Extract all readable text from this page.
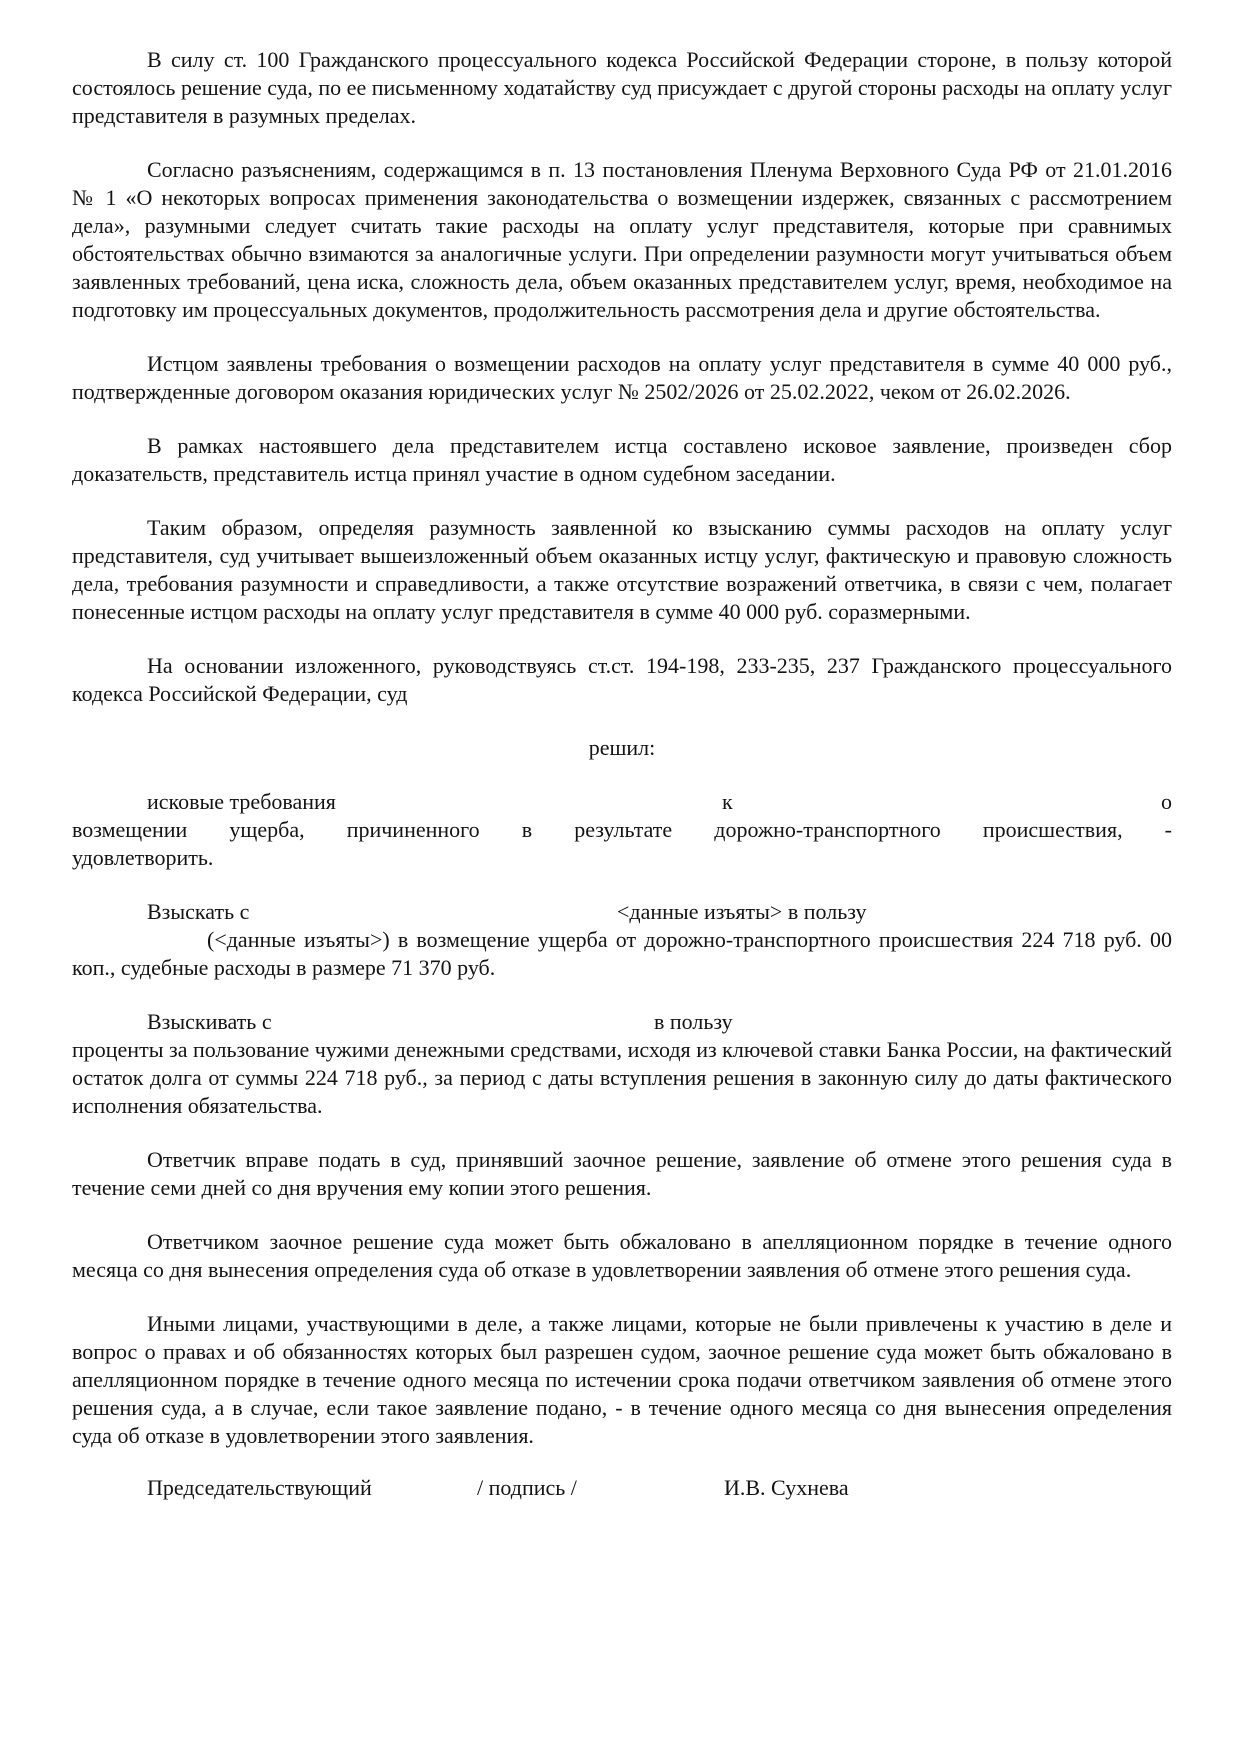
В силу ст. 100 Гражданского процессуального кодекса Российской Федерации стороне, в пользу которой состоялось решение суда, по ее письменному ходатайству суд присуждает с другой стороны расходы на оплату услуг представителя в разумных пределах.

Согласно разъяснениям, содержащимся в п. 13 постановления Пленума Верховного Суда РФ от 21.01.2016 № 1 «О некоторых вопросах применения законодательства о возмещении издержек, связанных с рассмотрением дела», разумными следует считать такие расходы на оплату услуг представителя, которые при сравнимых обстоятельствах обычно взимаются за аналогичные услуги. При определении разумности могут учитываться объем заявленных требований, цена иска, сложность дела, объем оказанных представителем услуг, время, необходимое на подготовку им процессуальных документов, продолжительность рассмотрения дела и другие обстоятельства.

Истцом заявлены требования о возмещении расходов на оплату услуг представителя в сумме 40 000 руб., подтвержденные договором оказания юридических услуг № 2502/2026 от 25.02.2022, чеком от 26.02.2026.

В рамках настоявшего дела представителем истца составлено исковое заявление, произведен сбор доказательств, представитель истца принял участие в одном судебном заседании.

Таким образом, определяя разумность заявленной ко взысканию суммы расходов на оплату услуг представителя, суд учитывает вышеизложенный объем оказанных истцу услуг, фактическую и правовую сложность дела, требования разумности и справедливости, а также отсутствие возражений ответчика, в связи с чем, полагает понесенные истцом расходы на оплату услуг представителя в сумме 40 000 руб. соразмерными.

На основании изложенного, руководствуясь ст.ст. 194-198, 233-235, 237 Гражданского процессуального кодекса Российской Федерации, суд

решил:
исковые требования	к	о
возмещении ущерба, причиненного в результате дорожно-транспортного происшествия, -
удовлетворить.
Взыскать с	<данные изъяты> в пользу
(<данные изъяты>) в возмещение ущерба от дорожно-транспортного происшествия 224 718 руб. 00 коп., судебные расходы в размере 71 370 руб.
Взыскивать с	в пользу
проценты за пользование чужими денежными средствами, исходя из ключевой ставки Банка России, на фактический остаток долга от суммы 224 718 руб., за период с даты вступления решения в законную силу до даты фактического исполнения обязательства.

Ответчик вправе подать в суд, принявший заочное решение, заявление об отмене этого решения суда в течение семи дней со дня вручения ему копии этого решения.

Ответчиком заочное решение суда может быть обжаловано в апелляционном порядке в течение одного месяца со дня вынесения определения суда об отказе в удовлетворении заявления об отмене этого решения суда.

Иными лицами, участвующими в деле, а также лицами, которые не были привлечены к участию в деле и вопрос о правах и об обязанностях которых был разрешен судом, заочное решение суда может быть обжаловано в апелляционном порядке в течение одного месяца по истечении срока подачи ответчиком заявления об отмене этого решения суда, а в случае, если такое заявление подано, - в течение одного месяца со дня вынесения определения суда об отказе в удовлетворении этого заявления.

Председательствующий	/ подпись /	И.В. Сухнева
